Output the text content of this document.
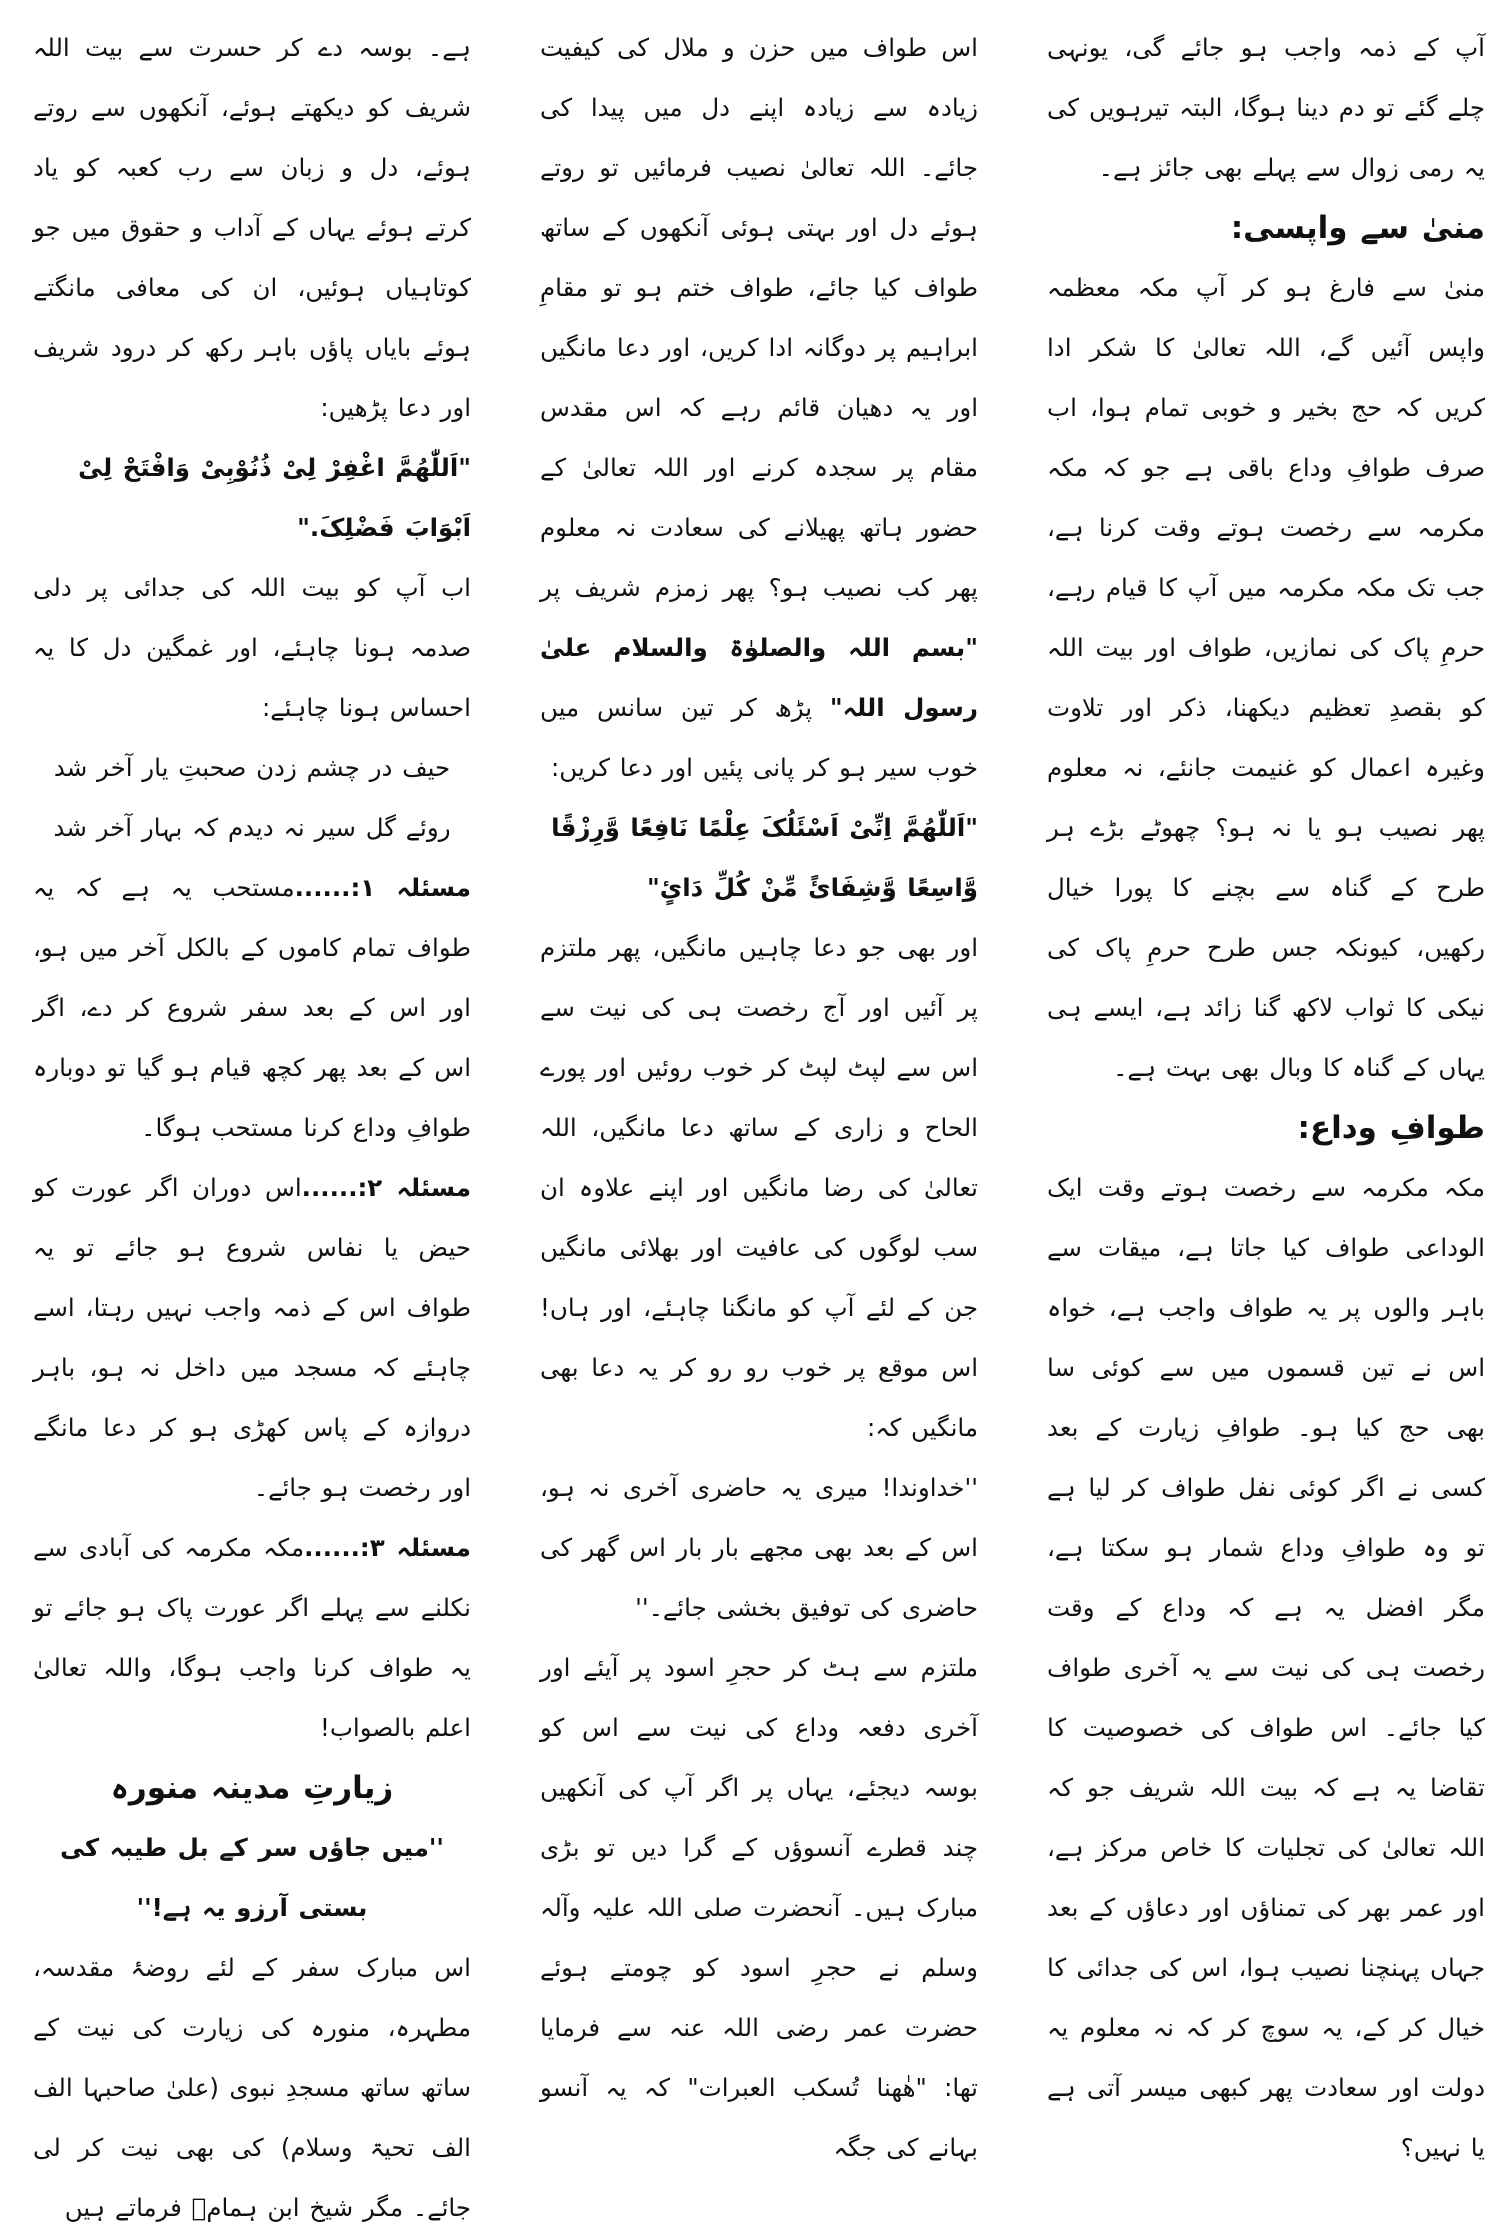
آپ کے ذمہ واجب ہو جائے گی، یونہی چلے گئے تو دم دینا ہوگا، البتہ تیرہویں کی یہ رمی زوال سے پہلے بھی جائز ہے۔

منیٰ سے واپسی:

منیٰ سے فارغ ہو کر آپ مکہ معظمہ واپس آئیں گے، اللہ تعالیٰ کا شکر ادا کریں کہ حج بخیر و خوبی تمام ہوا، اب صرف طوافِ وداع باقی ہے جو کہ مکہ مکرمہ سے رخصت ہوتے وقت کرنا ہے، جب تک مکہ مکرمہ میں آپ کا قیام رہے، حرمِ پاک کی نمازیں، طواف اور بیت اللہ کو بقصدِ تعظیم دیکھنا، ذکر اور تلاوت وغیرہ اعمال کو غنیمت جانئے، نہ معلوم پھر نصیب ہو یا نہ ہو؟ چھوٹے بڑے ہر طرح کے گناہ سے بچنے کا پورا خیال رکھیں، کیونکہ جس طرح حرمِ پاک کی نیکی کا ثواب لاکھ گنا زائد ہے، ایسے ہی یہاں کے گناہ کا وبال بھی بہت ہے۔

طوافِ وداع:

مکہ مکرمہ سے رخصت ہوتے وقت ایک الوداعی طواف کیا جاتا ہے، میقات سے باہر والوں پر یہ طواف واجب ہے، خواہ اس نے تین قسموں میں سے کوئی سا بھی حج کیا ہو۔ طوافِ زیارت کے بعد کسی نے اگر کوئی نفل طواف کر لیا ہے تو وہ طوافِ وداع شمار ہو سکتا ہے، مگر افضل یہ ہے کہ وداع کے وقت رخصت ہی کی نیت سے یہ آخری طواف کیا جائے۔ اس طواف کی خصوصیت کا تقاضا یہ ہے کہ بیت اللہ شریف جو کہ اللہ تعالیٰ کی تجلیات کا خاص مرکز ہے، اور عمر بھر کی تمناؤں اور دعاؤں کے بعد جہاں پہنچنا نصیب ہوا، اس کی جدائی کا خیال کر کے، یہ سوچ کر کہ نہ معلوم یہ دولت اور سعادت پھر کبھی میسر آتی ہے یا نہیں؟

اس طواف میں حزن و ملال کی کیفیت زیادہ سے زیادہ اپنے دل میں پیدا کی جائے۔ اللہ تعالیٰ نصیب فرمائیں تو روتے ہوئے دل اور بہتی ہوئی آنکھوں کے ساتھ طواف کیا جائے، طواف ختم ہو تو مقامِ ابراہیم پر دوگانہ ادا کریں، اور دعا مانگیں اور یہ دھیان قائم رہے کہ اس مقدس مقام پر سجدہ کرنے اور اللہ تعالیٰ کے حضور ہاتھ پھیلانے کی سعادت نہ معلوم پھر کب نصیب ہو؟ پھر زمزم شریف پر "بسم اللہ والصلوٰۃ والسلام علیٰ رسول اللہ" پڑھ کر تین سانس میں خوب سیر ہو کر پانی پئیں اور دعا کریں:

"اَللّٰھُمَّ اِنِّیْ اَسْئَلُکَ عِلْمًا نَافِعًا وَّرِزْقًا وَّاسِعًا وَّشِفَائً مِّنْ کُلِّ دَائٍ"

اور بھی جو دعا چاہیں مانگیں، پھر ملتزم پر آئیں اور آج رخصت ہی کی نیت سے اس سے لپٹ لپٹ کر خوب روئیں اور پورے الحاح و زاری کے ساتھ دعا مانگیں، اللہ تعالیٰ کی رضا مانگیں اور اپنے علاوہ ان سب لوگوں کی عافیت اور بھلائی مانگیں جن کے لئے آپ کو مانگنا چاہئے، اور ہاں! اس موقع پر خوب رو رو کر یہ دعا بھی مانگیں کہ:

''خداوندا! میری یہ حاضری آخری نہ ہو، اس کے بعد بھی مجھے بار بار اس گھر کی حاضری کی توفیق بخشی جائے۔''

ملتزم سے ہٹ کر حجرِ اسود پر آیئے اور آخری دفعہ وداع کی نیت سے اس کو بوسہ دیجئے، یہاں پر اگر آپ کی آنکھیں چند قطرے آنسوؤں کے گرا دیں تو بڑی مبارک ہیں۔ آنحضرت صلی اللہ علیہ وآلہ وسلم نے حجرِ اسود کو چومتے ہوئے حضرت عمر رضی اللہ عنہ سے فرمایا تھا: "ھٰھنا تُسکب العبرات" کہ یہ آنسو بہانے کی جگہ

ہے۔ بوسہ دے کر حسرت سے بیت اللہ شریف کو دیکھتے ہوئے، آنکھوں سے روتے ہوئے، دل و زبان سے رب کعبہ کو یاد کرتے ہوئے یہاں کے آداب و حقوق میں جو کوتاہیاں ہوئیں، ان کی معافی مانگتے ہوئے بایاں پاؤں باہر رکھ کر درود شریف اور دعا پڑھیں:

"اَللّٰھُمَّ اغْفِرْ لِیْ ذُنُوْبِیْ وَافْتَحْ لِیْ اَبْوَابَ فَضْلِکَ."

اب آپ کو بیت اللہ کی جدائی پر دلی صدمہ ہونا چاہئے، اور غمگین دل کا یہ احساس ہونا چاہئے:

حیف در چشم زدن صحبتِ یار آخر شد

روئے گل سیر نہ دیدم کہ بہار آخر شد

مسئلہ ۱:......مستحب یہ ہے کہ یہ طواف تمام کاموں کے بالکل آخر میں ہو، اور اس کے بعد سفر شروع کر دے، اگر اس کے بعد پھر کچھ قیام ہو گیا تو دوبارہ طوافِ وداع کرنا مستحب ہوگا۔

مسئلہ ۲:......اس دوران اگر عورت کو حیض یا نفاس شروع ہو جائے تو یہ طواف اس کے ذمہ واجب نہیں رہتا، اسے چاہئے کہ مسجد میں داخل نہ ہو، باہر دروازہ کے پاس کھڑی ہو کر دعا مانگے اور رخصت ہو جائے۔

مسئلہ ۳:......مکہ مکرمہ کی آبادی سے نکلنے سے پہلے اگر عورت پاک ہو جائے تو یہ طواف کرنا واجب ہوگا، واللہ تعالیٰ اعلم بالصواب!

زیارتِ مدینہ منورہ

''میں جاؤں سر کے بل طیبہ کی بستی آرزو یہ ہے!''

اس مبارک سفر کے لئے روضۂ مقدسہ، مطہرہ، منورہ کی زیارت کی نیت کے ساتھ ساتھ مسجدِ نبوی (علیٰ صاحبہا الف الف تحیۃ وسلام) کی بھی نیت کر لی جائے۔ مگر شیخ ابن ہمامؒ فرماتے ہیں
